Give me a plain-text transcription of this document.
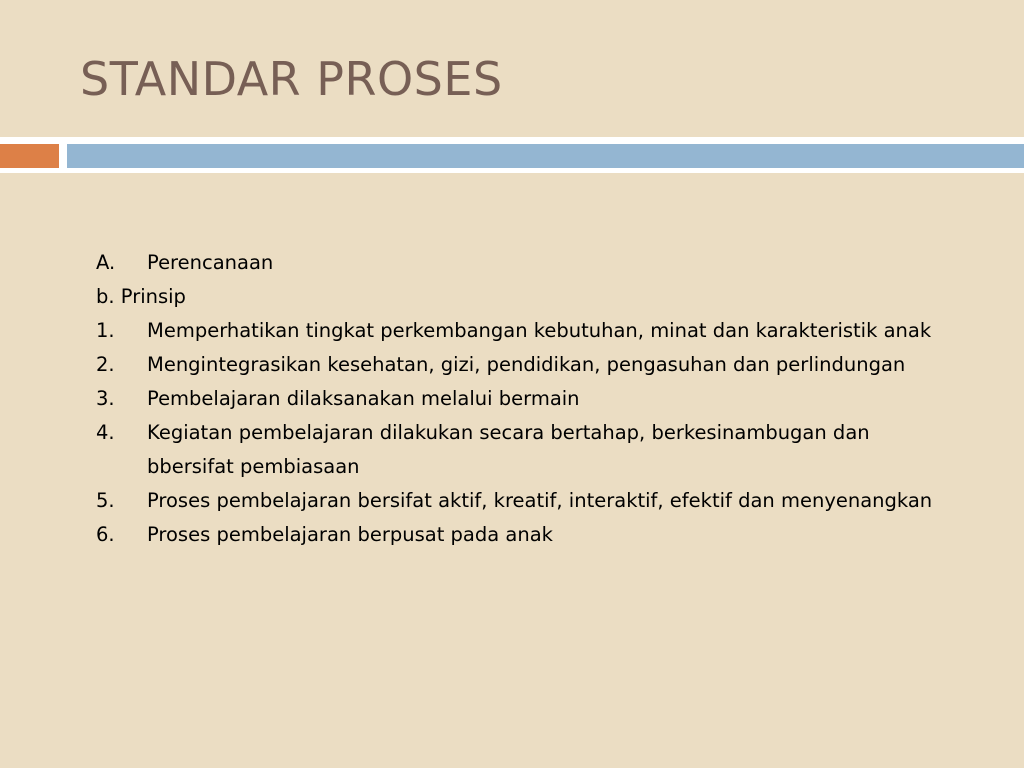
STANDAR PROSES
A.	Perencanaan
b. Prinsip
1.	Memperhatikan tingkat perkembangan kebutuhan, minat dan karakteristik anak
2.	Mengintegrasikan kesehatan, gizi, pendidikan, pengasuhan dan perlindungan
3.	Pembelajaran dilaksanakan melalui bermain
4.	Kegiatan pembelajaran dilakukan secara bertahap, berkesinambugan dan bbersifat pembiasaan
5.	Proses pembelajaran bersifat aktif, kreatif, interaktif, efektif dan menyenangkan
6.	Proses pembelajaran berpusat pada anak
